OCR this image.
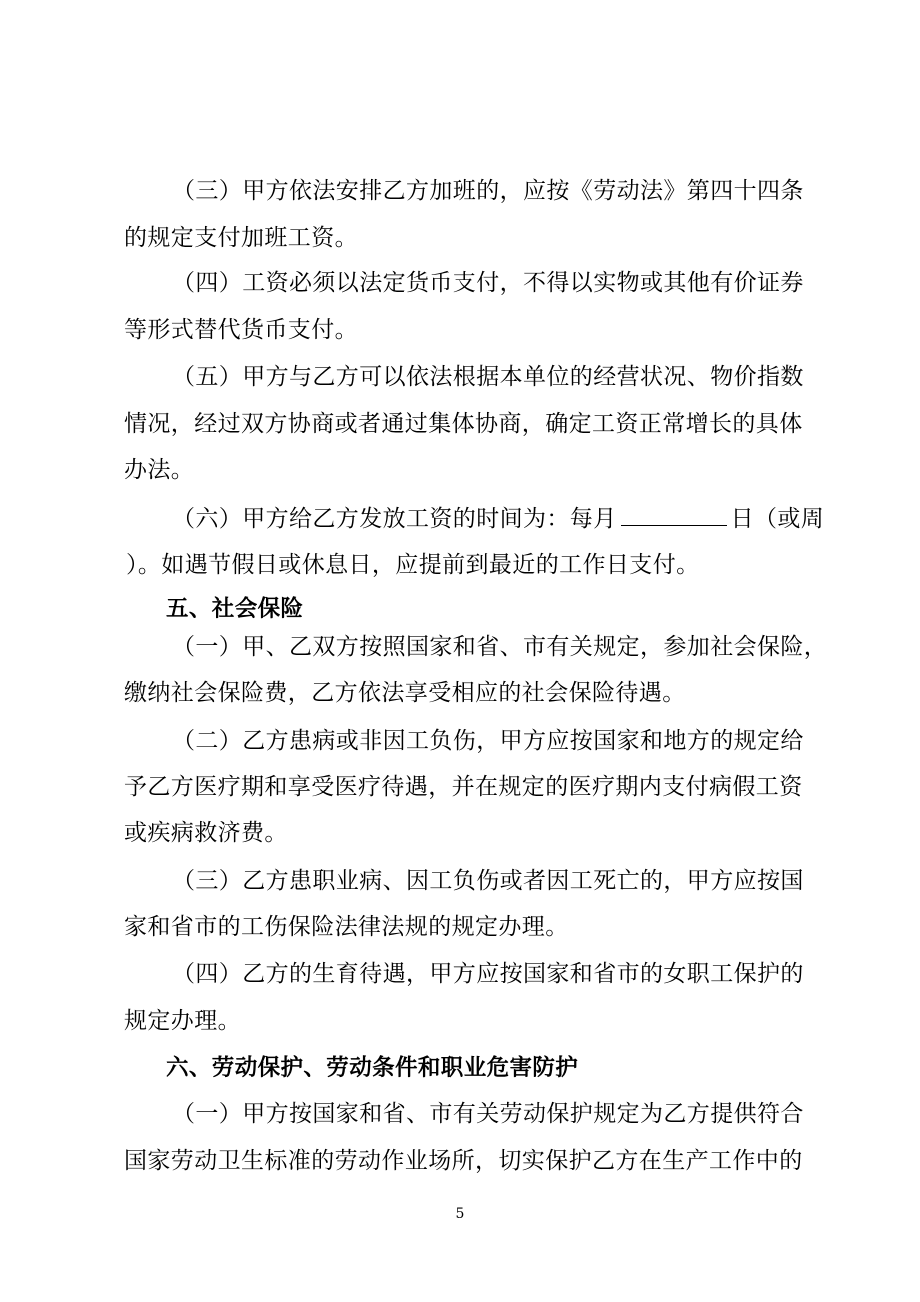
（三）甲方依法安排乙方加班的，应按《劳动法》第四十四条
的规定支付加班工资。
（四）工资必须以法定货币支付，不得以实物或其他有价证券
等形式替代货币支付。
（五）甲方与乙方可以依法根据本单位的经营状况、物价指数
情况，经过双方协商或者通过集体协商，确定工资正常增长的具体
办法。
（六）甲方给乙方发放工资的时间为：每月	日（或周
）。如遇节假日或休息日，应提前到最近的工作日支付。
五、社会保险
（一）甲、乙双方按照国家和省、市有关规定，参加社会保险，
缴纳社会保险费，乙方依法享受相应的社会保险待遇。
（二）乙方患病或非因工负伤，甲方应按国家和地方的规定给
予乙方医疗期和享受医疗待遇，并在规定的医疗期内支付病假工资
或疾病救济费。
（三）乙方患职业病、因工负伤或者因工死亡的，甲方应按国
家和省市的工伤保险法律法规的规定办理。
（四）乙方的生育待遇，甲方应按国家和省市的女职工保护的
规定办理。
六、劳动保护、劳动条件和职业危害防护
（一）甲方按国家和省、市有关劳动保护规定为乙方提供符合
国家劳动卫生标准的劳动作业场所，切实保护乙方在生产工作中的
5
